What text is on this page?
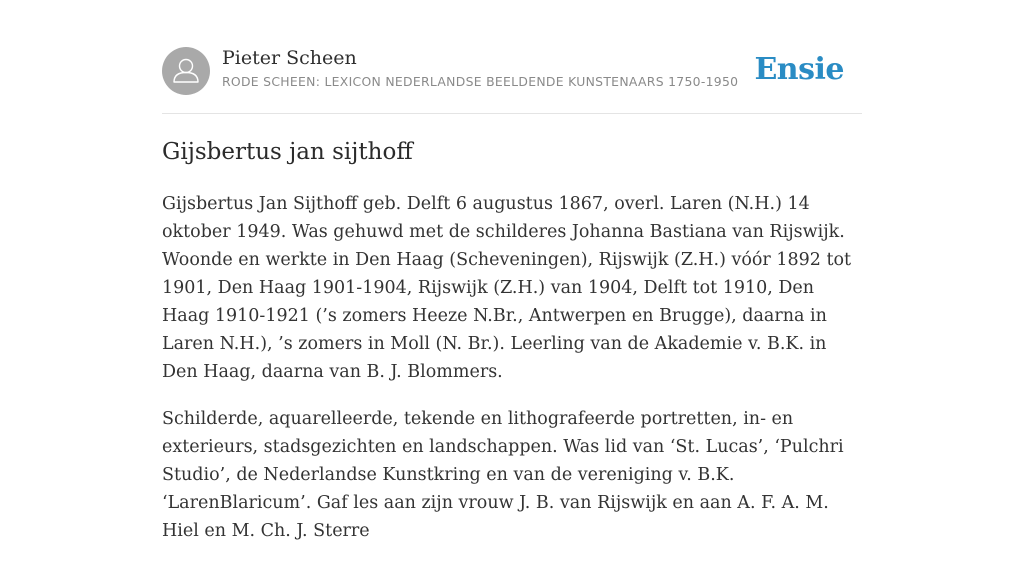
Pieter Scheen
RODE SCHEEN: LEXICON NEDERLANDSE BEELDENDE KUNSTENAARS 1750-1950 Ensie
Gijsbertus jan sijthoff

Gijsbertus Jan Sijthoff geb. Delft 6 augustus 1867, overl. Laren (N.H.) 14 oktober 1949. Was gehuwd met de schilderes Johanna Bastiana van Rijswijk. Woonde en werkte in Den Haag (Scheveningen), Rijswijk (Z.H.) vóór 1892 tot 1901, Den Haag 1901-1904, Rijswijk (Z.H.) van 1904, Delft tot 1910, Den Haag 1910-1921 (’s zomers Heeze N.Br., Antwerpen en Brugge), daarna in Laren N.H.), ’s zomers in Moll (N. Br.). Leerling van de Akademie v. B.K. in Den Haag, daarna van B. J. Blommers.

Schilderde, aquarelleerde, tekende en lithografeerde portretten, in- en exterieurs, stadsgezichten en landschappen. Was lid van ‘St. Lucas’, ‘Pulchri Studio’, de Nederlandse Kunstkring en van de vereniging v. B.K. ‘LarenBlaricum’. Gaf les aan zijn vrouw J. B. van Rijswijk en aan A. F. A. M. Hiel en M. Ch. J. Sterre
